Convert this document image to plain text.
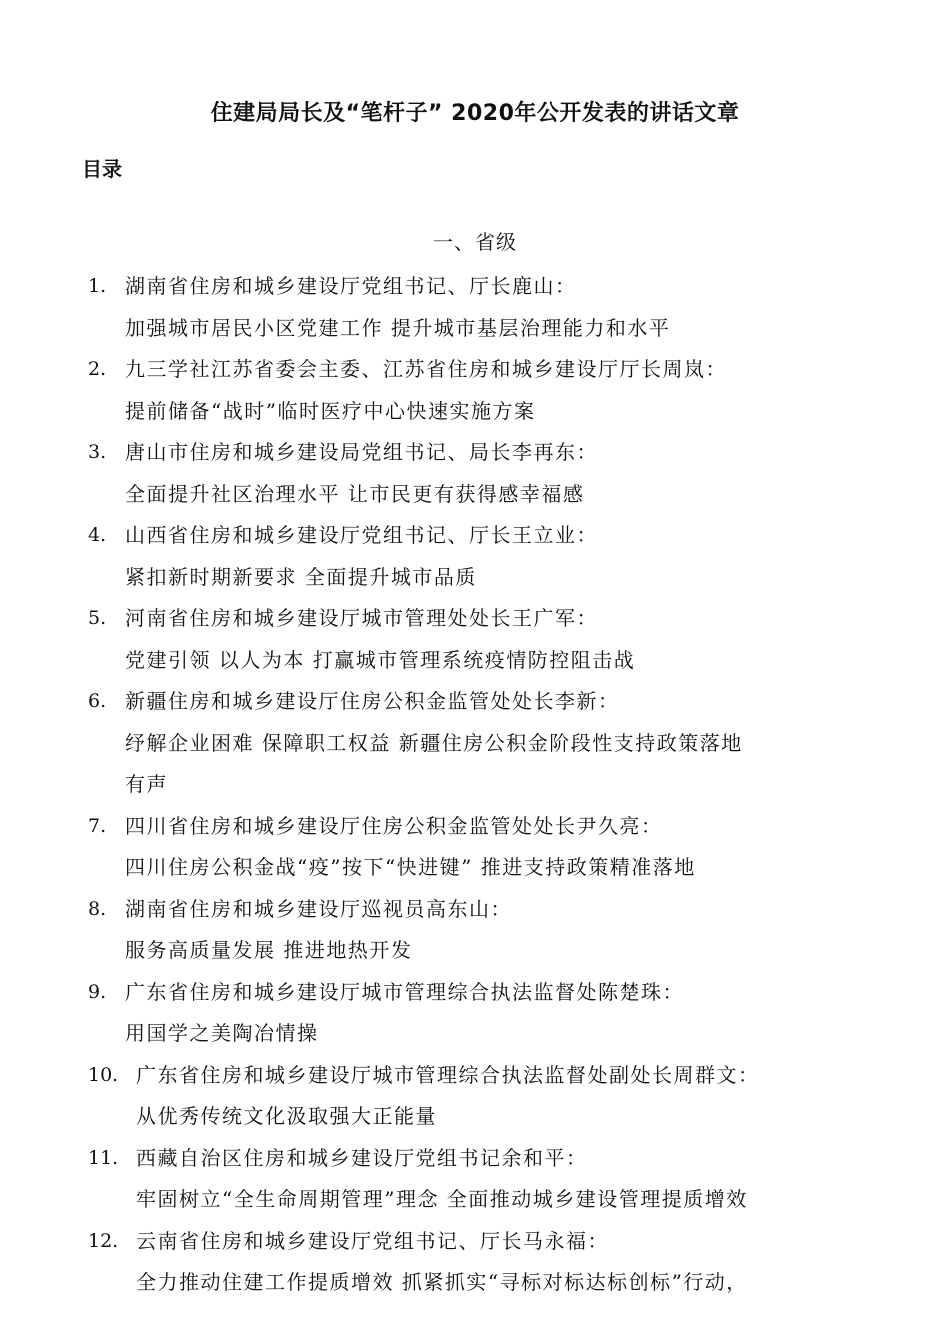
住建局局长及“笔杆子” 2020年公开发表的讲话文章
目录
一、省级
1. 湖南省住房和城乡建设厅党组书记、厅长鹿山：
加强城市居民小区党建工作 提升城市基层治理能力和水平
2. 九三学社江苏省委会主委、江苏省住房和城乡建设厅厅长周岚：
提前储备“战时”临时医疗中心快速实施方案
3. 唐山市住房和城乡建设局党组书记、局长李再东：
全面提升社区治理水平 让市民更有获得感幸福感
4. 山西省住房和城乡建设厅党组书记、厅长王立业：
紧扣新时期新要求 全面提升城市品质
5. 河南省住房和城乡建设厅城市管理处处长王广军：
党建引领 以人为本 打赢城市管理系统疫情防控阻击战
6. 新疆住房和城乡建设厅住房公积金监管处处长李新：
纾解企业困难 保障职工权益 新疆住房公积金阶段性支持政策落地
有声
7. 四川省住房和城乡建设厅住房公积金监管处处长尹久亮：
四川住房公积金战“疫”按下“快进键” 推进支持政策精准落地
8. 湖南省住房和城乡建设厅巡视员高东山：
服务高质量发展 推进地热开发
9. 广东省住房和城乡建设厅城市管理综合执法监督处陈楚珠：
用国学之美陶冶情操
10. 广东省住房和城乡建设厅城市管理综合执法监督处副处长周群文：
从优秀传统文化汲取强大正能量
11. 西藏自治区住房和城乡建设厅党组书记余和平：
牢固树立“全生命周期管理”理念 全面推动城乡建设管理提质增效
12. 云南省住房和城乡建设厅党组书记、厅长马永福：
全力推动住建工作提质增效 抓紧抓实“寻标对标达标创标”行动，
